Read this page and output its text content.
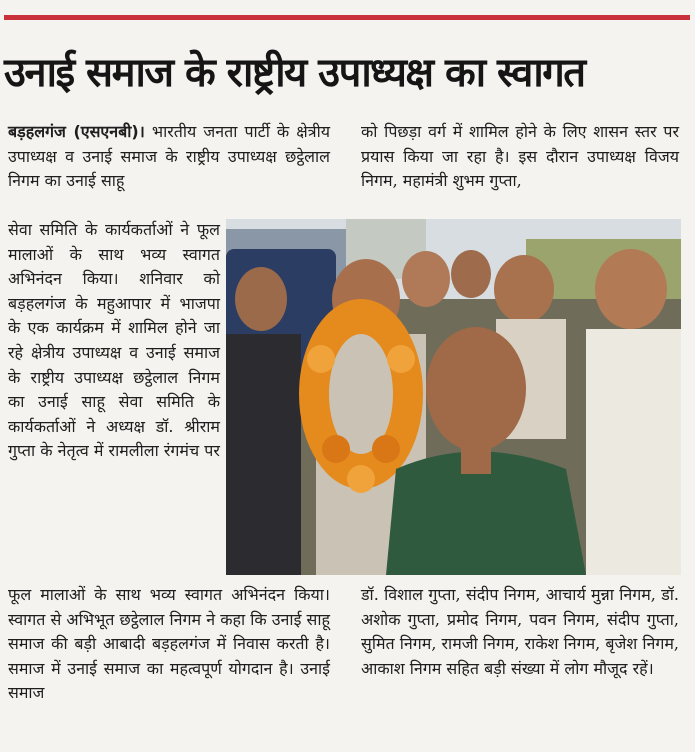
उनाई समाज के राष्ट्रीय उपाध्यक्ष का स्वागत

बड़हलगंज (एसएनबी)। भारतीय जनता पार्टी के क्षेत्रीय उपाध्यक्ष व उनाई समाज के राष्ट्रीय उपाध्यक्ष छट्ठेलाल निगम का उनाई साहू

सेवा समिति के कार्यकर्ताओं ने फूल मालाओं के साथ भव्य स्वागत अभिनंदन किया। शनिवार को बड़हलगंज के महुआपार में भाजपा के एक कार्यक्रम में शामिल होने जा रहे क्षेत्रीय उपाध्यक्ष व उनाई समाज के राष्ट्रीय उपाध्यक्ष छट्ठेलाल निगम का उनाई साहू सेवा समिति के कार्यकर्ताओं ने अध्यक्ष डॉ. श्रीराम गुप्ता के नेतृत्व में रामलीला रंगमंच पर

फूल मालाओं के साथ भव्य स्वागत अभिनंदन किया। स्वागत से अभिभूत छट्ठेलाल निगम ने कहा कि उनाई साहू समाज की बड़ी आबादी बड़हलगंज में निवास करती है। समाज में उनाई समाज का महत्वपूर्ण योगदान है। उनाई समाज

को पिछड़ा वर्ग में शामिल होने के लिए शासन स्तर पर प्रयास किया जा रहा है। इस दौरान उपाध्यक्ष विजय निगम, महामंत्री शुभम गुप्ता,

डॉ. विशाल गुप्ता, संदीप निगम, आचार्य मुन्ना निगम, डॉ. अशोक गुप्ता, प्रमोद निगम, पवन निगम, संदीप गुप्ता, सुमित निगम, रामजी निगम, राकेश निगम, बृजेश निगम, आकाश निगम सहित बड़ी संख्या में लोग मौजूद रहें।
